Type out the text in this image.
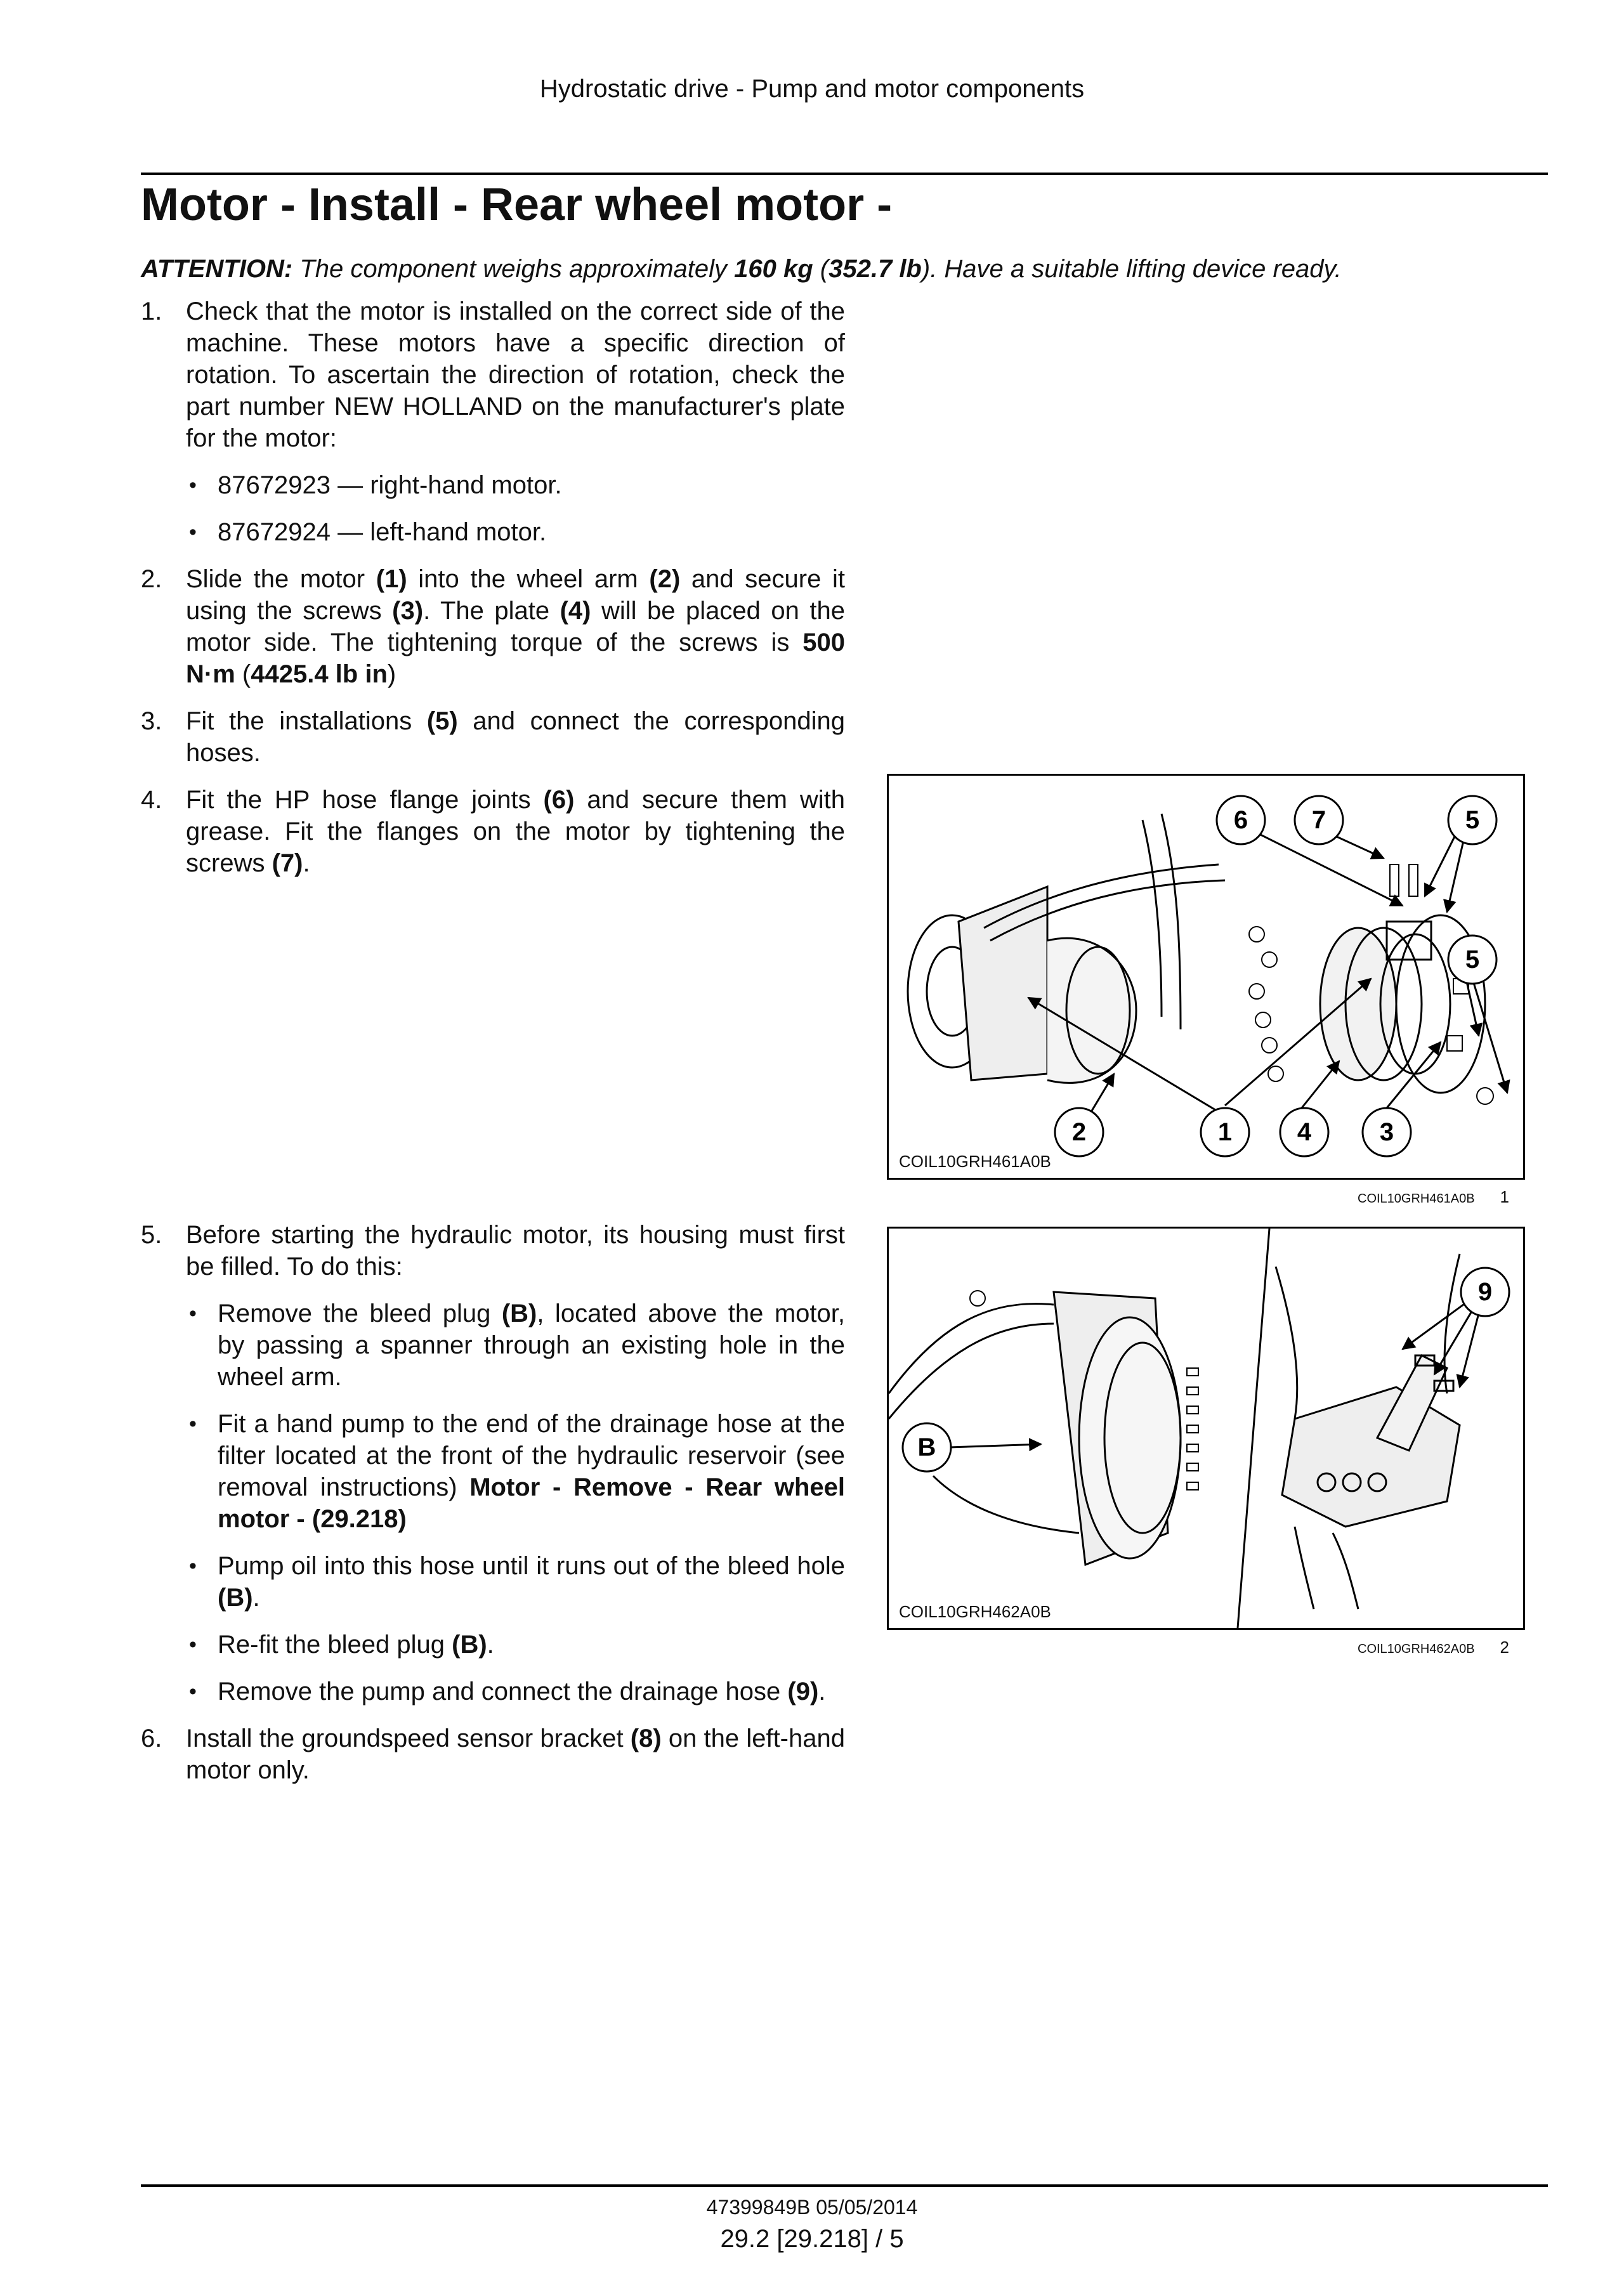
Hydrostatic drive - Pump and motor components
Motor - Install - Rear wheel motor -
ATTENTION: The component weighs approximately 160 kg (352.7 lb). Have a suitable lifting device ready.
1. Check that the motor is installed on the correct side of the machine. These motors have a specific direction of rotation. To ascertain the direction of rotation, check the part number NEW HOLLAND on the manufacturer's plate for the motor:
• 87672923 — right-hand motor.
• 87672924 — left-hand motor.
2. Slide the motor (1) into the wheel arm (2) and secure it using the screws (3). The plate (4) will be placed on the motor side. The tightening torque of the screws is 500 N·m (4425.4 lb in)
3. Fit the installations (5) and connect the corresponding hoses.
4. Fit the HP hose flange joints (6) and secure them with grease. Fit the flanges on the motor by tightening the screws (7).
5. Before starting the hydraulic motor, its housing must first be filled. To do this:
• Remove the bleed plug (B), located above the motor, by passing a spanner through an existing hole in the wheel arm.
• Fit a hand pump to the end of the drainage hose at the filter located at the front of the hydraulic reservoir (see removal instructions) Motor - Remove - Rear wheel motor - (29.218)
• Pump oil into this hose until it runs out of the bleed hole (B).
• Re-fit the bleed plug (B).
• Remove the pump and connect the drainage hose (9).
6. Install the groundspeed sensor bracket (8) on the left-hand motor only.
6	7	5
5
2	1	4	3
COIL10GRH461A0B
COIL10GRH461A0B 1
9
B
COIL10GRH462A0B
COIL10GRH462A0B 2
47399849B 05/05/2014
29.2 [29.218] / 5
